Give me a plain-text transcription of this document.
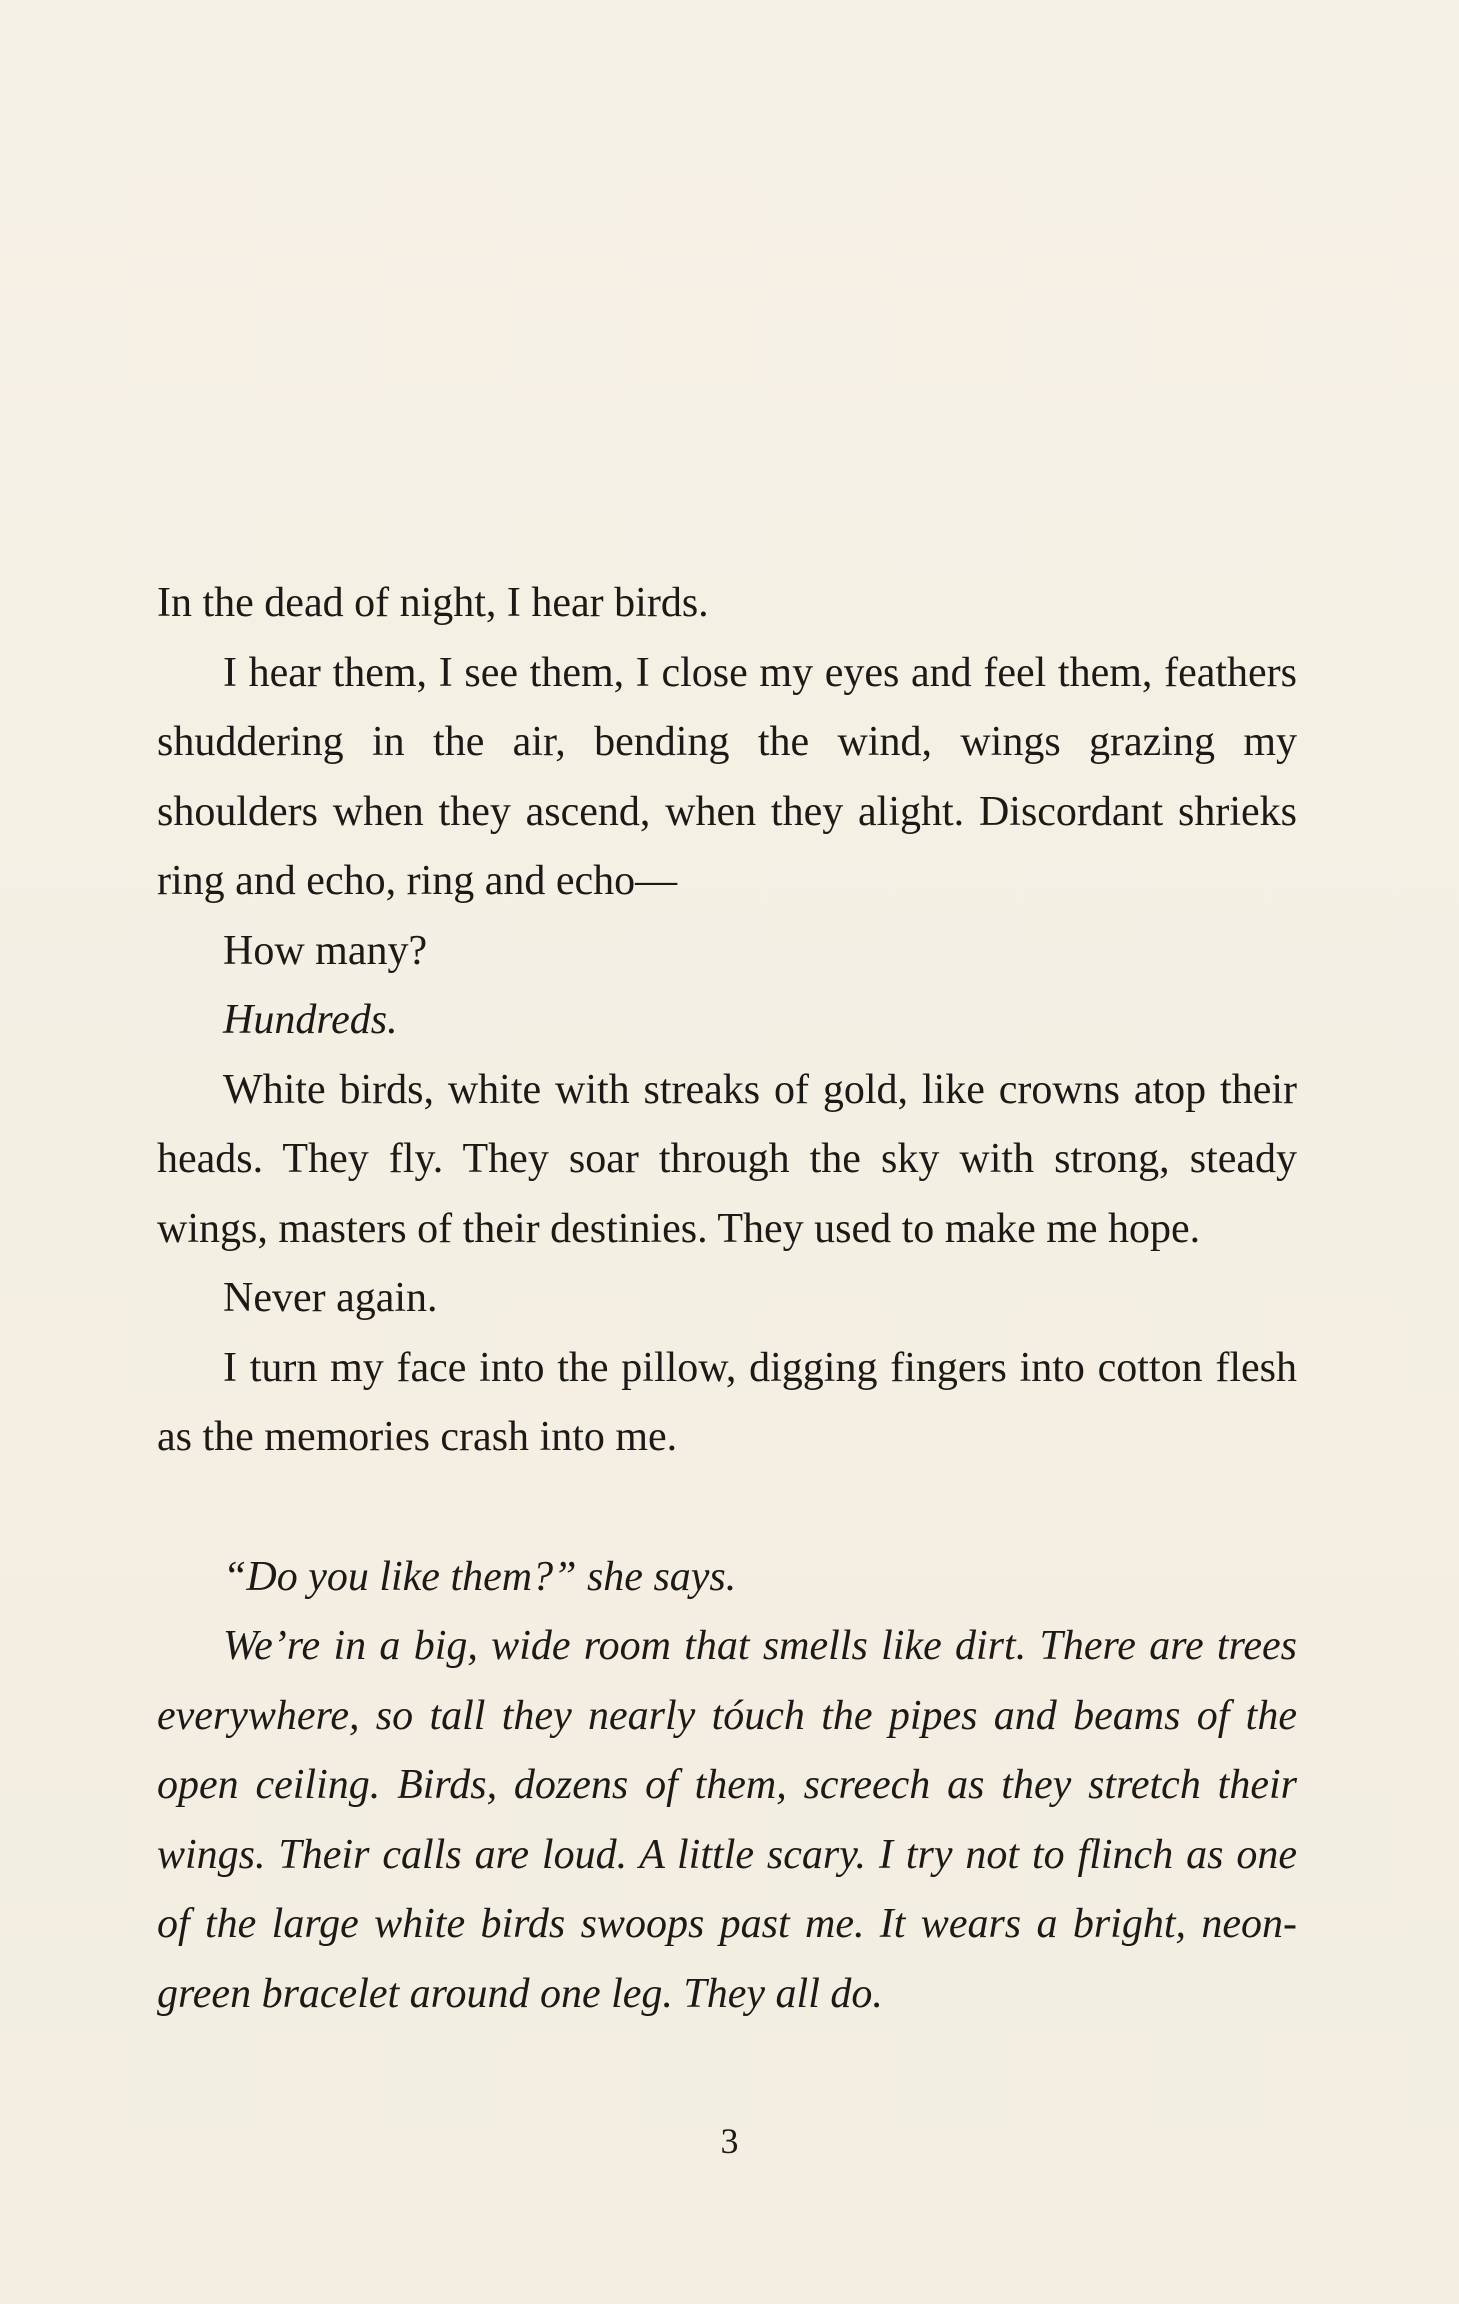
In the dead of night, I hear birds.

I hear them, I see them, I close my eyes and feel them, feathers shuddering in the air, bending the wind, wings grazing my shoulders when they ascend, when they alight. Discordant shrieks ring and echo, ring and echo—

How many?

Hundreds.

White birds, white with streaks of gold, like crowns atop their heads. They fly. They soar through the sky with strong, steady wings, masters of their destinies. They used to make me hope.

Never again.

I turn my face into the pillow, digging fingers into cotton flesh as the memories crash into me.

“Do you like them?” she says.

We’re in a big, wide room that smells like dirt. There are trees everywhere, so tall they nearly tóuch the pipes and beams of the open ceiling. Birds, dozens of them, screech as they stretch their wings. Their calls are loud. A little scary. I try not to flinch as one of the large white birds swoops past me. It wears a bright, neon-green bracelet around one leg. They all do.

3
